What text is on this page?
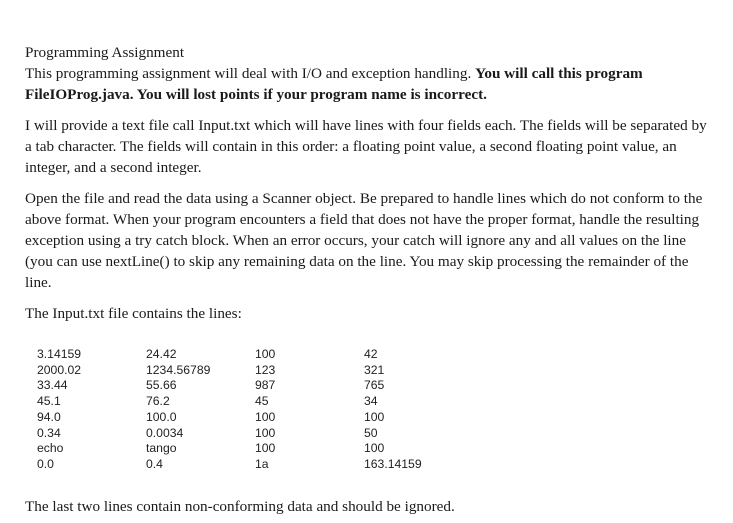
Programming Assignment

This programming assignment will deal with I/O and exception handling. You will call this program FileIOProg.java. You will lost points if your program name is incorrect.

I will provide a text file call Input.txt which will have lines with four fields each. The fields will be separated by a tab character. The fields will contain in this order: a floating point value, a second floating point value, an integer, and a second integer.

Open the file and read the data using a Scanner object. Be prepared to handle lines which do not conform to the above format. When your program encounters a field that does not have the proper format, handle the resulting exception using a try catch block. When an error occurs, your catch will ignore any and all values on the line (you can use nextLine() to skip any remaining data on the line. You may skip processing the remainder of the line.

The Input.txt file contains the lines:

3.14159	24.42	100	42
2000.02	1234.56789	123	321
33.44	55.66	987	765
45.1	76.2	45	34
94.0	100.0	100	100
0.34	0.0034	100	50
echo	tango	100	100
0.0	0.4	1a	163.14159

The last two lines contain non-conforming data and should be ignored.
